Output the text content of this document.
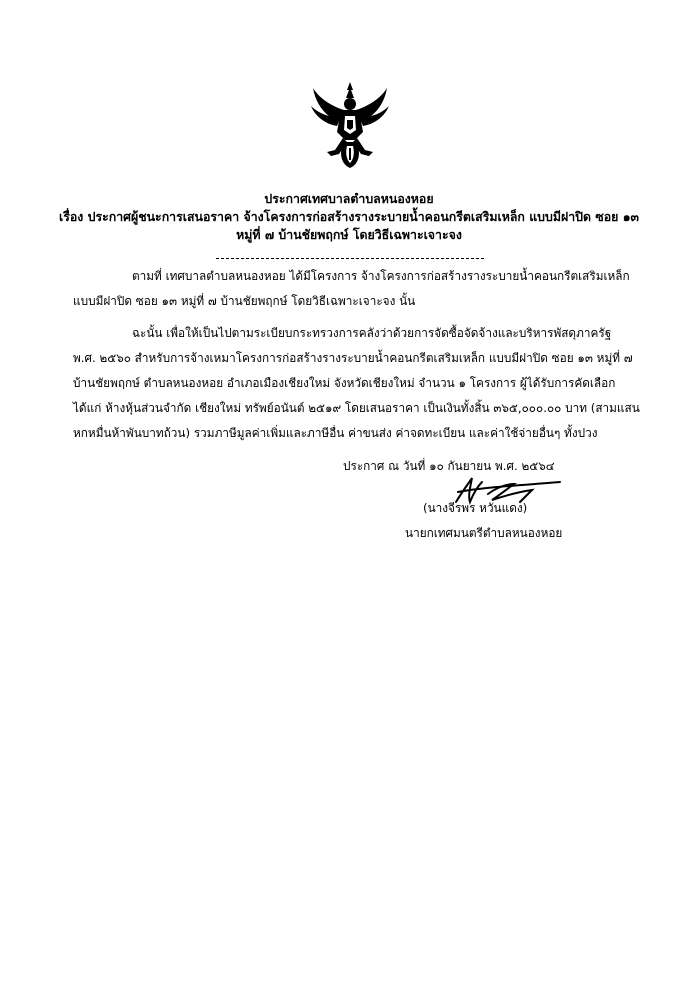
ประกาศเทศบาลตำบลหนองหอย
เรื่อง ประกาศผู้ชนะการเสนอราคา จ้างโครงการก่อสร้างรางระบายน้ำคอนกรีตเสริมเหล็ก แบบมีฝาปิด ซอย ๑๓
หมู่ที่ ๗ บ้านชัยพฤกษ์ โดยวิธีเฉพาะเจาะจง
ตามที่ เทศบาลตำบลหนองหอย ได้มีโครงการ จ้างโครงการก่อสร้างรางระบายน้ำคอนกรีตเสริมเหล็ก
แบบมีฝาปิด ซอย ๑๓ หมู่ที่ ๗ บ้านชัยพฤกษ์ โดยวิธีเฉพาะเจาะจง นั้น
ฉะนั้น เพื่อให้เป็นไปตามระเบียบกระทรวงการคลังว่าด้วยการจัดซื้อจัดจ้างและบริหารพัสดุภาครัฐ
พ.ศ. ๒๕๖๐ สำหรับการจ้างเหมาโครงการก่อสร้างรางระบายน้ำคอนกรีตเสริมเหล็ก แบบมีฝาปิด ซอย ๑๓ หมู่ที่ ๗
บ้านชัยพฤกษ์ ตำบลหนองหอย อำเภอเมืองเชียงใหม่ จังหวัดเชียงใหม่ จำนวน ๑ โครงการ ผู้ได้รับการคัดเลือก
ได้แก่ ห้างหุ้นส่วนจำกัด เชียงใหม่ ทรัพย์อนันต์ ๒๕๑๙ โดยเสนอราคา เป็นเงินทั้งสิ้น ๓๖๕,๐๐๐.๐๐ บาท (สามแสน
หกหมื่นห้าพันบาทถ้วน) รวมภาษีมูลค่าเพิ่มและภาษีอื่น ค่าขนส่ง ค่าจดทะเบียน และค่าใช้จ่ายอื่นๆ ทั้งปวง
ประกาศ ณ วันที่ ๑๐ กันยายน พ.ศ. ๒๕๖๔
(นางจีรพร หวันแดง)
นายกเทศมนตรีตำบลหนองหอย
